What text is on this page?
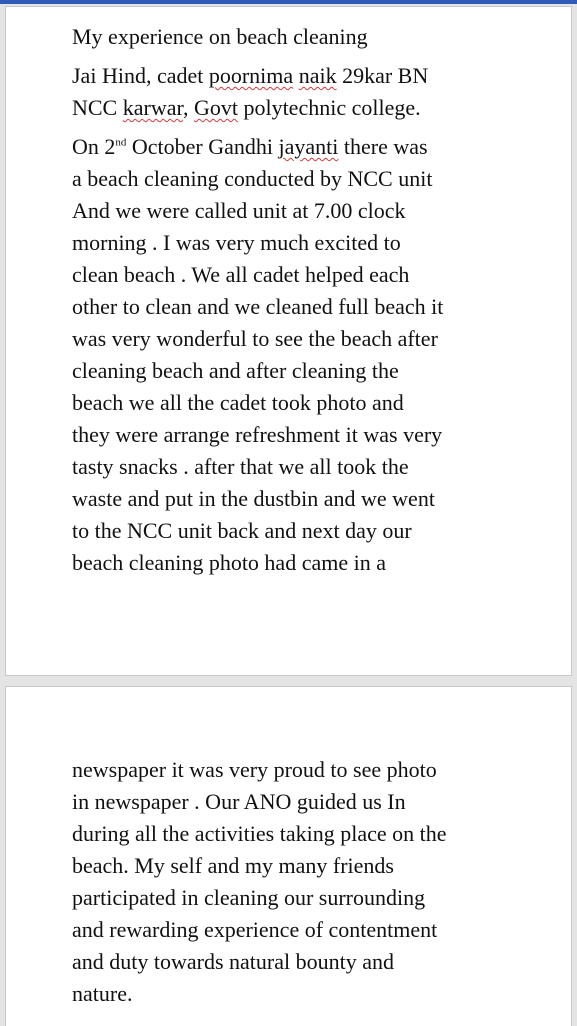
My experience on beach cleaning
Jai Hind, cadet poornima naik 29kar BN
NCC karwar, Govt polytechnic college.
On 2nd October Gandhi jayanti there was
a beach cleaning conducted by NCC unit
And we were called unit at 7.00 clock
morning . I was very much excited to
clean beach . We all cadet helped each
other to clean and we cleaned full beach it
was very wonderful to see the beach after
cleaning beach and after cleaning the
beach we all the cadet took photo and
they were arrange refreshment it was very
tasty snacks . after that we all took the
waste and put in the dustbin and we went
to the NCC unit back and next day our
beach cleaning photo had came in a
newspaper it was very proud to see photo
in newspaper . Our ANO guided us In
during all the activities taking place on the
beach. My self and my many friends
participated in cleaning our surrounding
and rewarding experience of contentment
and duty towards natural bounty and
nature.
